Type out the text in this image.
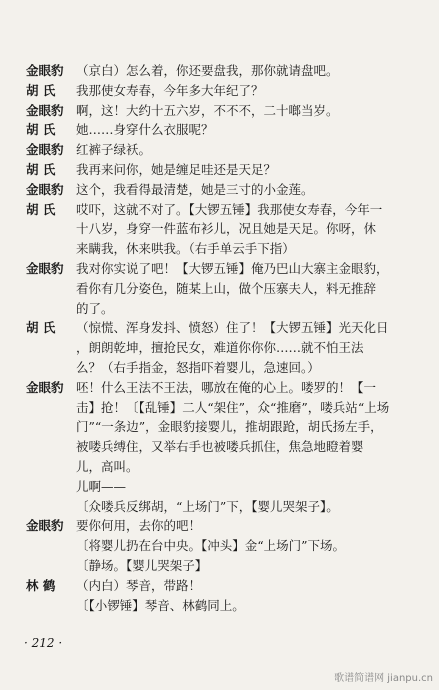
金眼豹 （京白）怎么着，你还要盘我，那你就请盘吧。
胡 氏 我那使女寿春，今年多大年纪了？
金眼豹 啊，这！大约十五六岁，不不不，二十啷当岁。
胡 氏 她……身穿什么衣服呢？
金眼豹 红裤子绿袄。
胡 氏 我再来问你，她是缠足哇还是天足？
金眼豹 这个，我看得最清楚，她是三寸的小金莲。
胡 氏 哎吓，这就不对了。【大锣五锤】我那使女寿春，今年一
十八岁，身穿一件蓝布衫儿，况且她是天足。你呀，休
来瞒我，休来哄我。（右手单云手下指）
金眼豹 我对你实说了吧！【大锣五锤】俺乃巴山大寨主金眼豹，
看你有几分姿色，随某上山，做个压寨夫人，料无推辞
的了。
胡 氏 （惊慌、浑身发抖、愤怒）住了！【大锣五锤】光天化日
，朗朗乾坤，擅抢民女，难道你你你……就不怕王法
么？（右手指金，怒指吓着婴儿，急速回。）
金眼豹 呸！什么王法不王法，哪放在俺的心上。喽罗的！【一
击】抢！〔【乱锤】二人“架住”，众“推磨”，喽兵站“上场
门”“一条边”，金眼豹接婴儿，推胡跟跄，胡氏扬左手，
被喽兵缚住，又举右手也被喽兵抓住，焦急地瞪着婴
儿，高叫。
儿啊——
〔众喽兵反绑胡，“上场门”下，【婴儿哭架子】。
金眼豹 要你何用，去你的吧！
〔将婴儿扔在台中央。【冲头】金“上场门”下场。
〔静场。【婴儿哭架子】
林 鹤 （内白）琴音，带路！
〔【小锣锤】琴音、林鹤同上。
· 212 ·
歌谱简谱网 jianpu.cn
